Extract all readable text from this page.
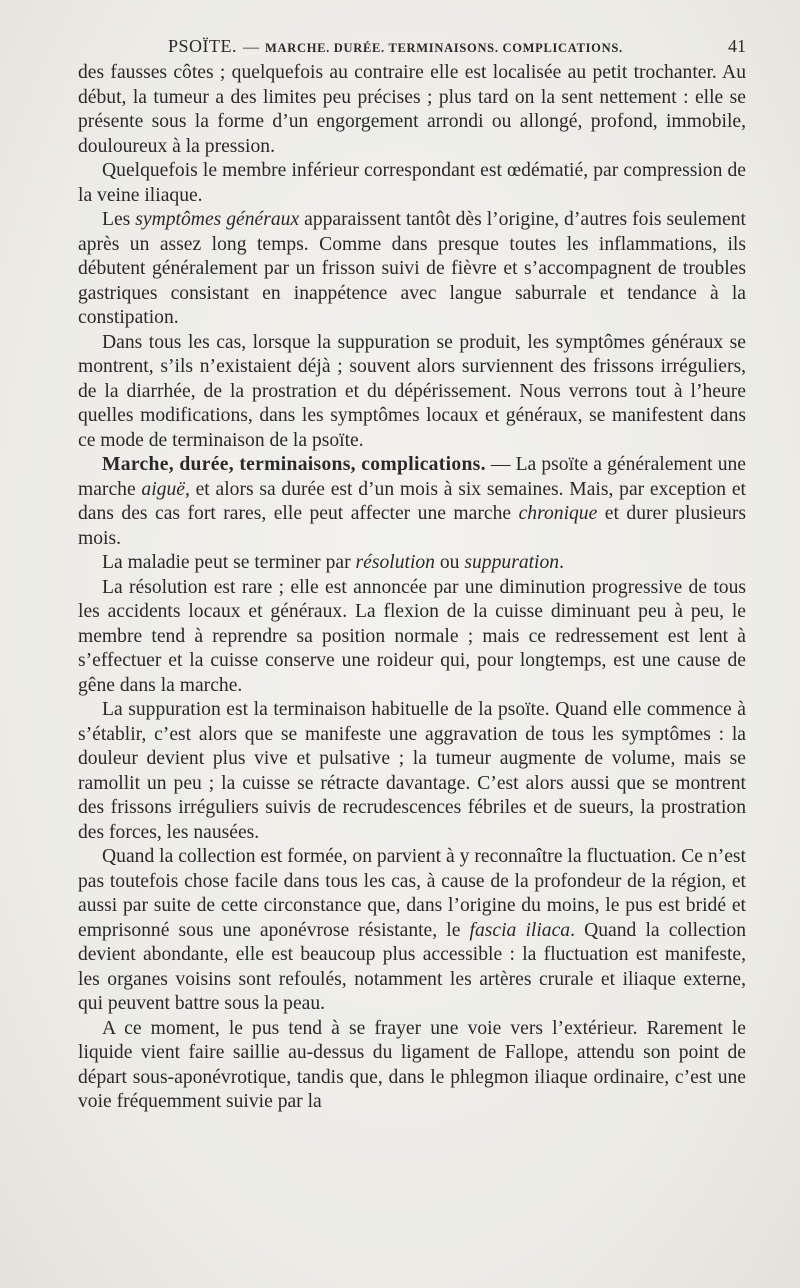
PSOÏTE. — MARCHE. DURÉE. TERMINAISONS. COMPLICATIONS.	41

des fausses côtes ; quelquefois au contraire elle est localisée au petit trochanter. Au début, la tumeur a des limites peu précises ; plus tard on la sent nettement : elle se présente sous la forme d’un engorgement arrondi ou allongé, profond, immobile, douloureux à la pression.

Quelquefois le membre inférieur correspondant est œdématié, par compression de la veine iliaque.

Les symptômes généraux apparaissent tantôt dès l’origine, d’autres fois seulement après un assez long temps. Comme dans presque toutes les inflammations, ils débutent généralement par un frisson suivi de fièvre et s’accompagnent de troubles gastriques consistant en inappétence avec langue saburrale et tendance à la constipation.

Dans tous les cas, lorsque la suppuration se produit, les symptômes généraux se montrent, s’ils n’existaient déjà ; souvent alors surviennent des frissons irréguliers, de la diarrhée, de la prostration et du dépérissement. Nous verrons tout à l’heure quelles modifications, dans les symptômes locaux et généraux, se manifestent dans ce mode de terminaison de la psoïte.

Marche, durée, terminaisons, complications. — La psoïte a généralement une marche aiguë, et alors sa durée est d’un mois à six semaines. Mais, par exception et dans des cas fort rares, elle peut affecter une marche chronique et durer plusieurs mois.

La maladie peut se terminer par résolution ou suppuration.

La résolution est rare ; elle est annoncée par une diminution progressive de tous les accidents locaux et généraux. La flexion de la cuisse diminuant peu à peu, le membre tend à reprendre sa position normale ; mais ce redressement est lent à s’effectuer et la cuisse conserve une roideur qui, pour longtemps, est une cause de gêne dans la marche.

La suppuration est la terminaison habituelle de la psoïte. Quand elle commence à s’établir, c’est alors que se manifeste une aggravation de tous les symptômes : la douleur devient plus vive et pulsative ; la tumeur augmente de volume, mais se ramollit un peu ; la cuisse se rétracte davantage. C’est alors aussi que se montrent des frissons irréguliers suivis de recrudescences fébriles et de sueurs, la prostration des forces, les nausées.

Quand la collection est formée, on parvient à y reconnaître la fluctuation. Ce n’est pas toutefois chose facile dans tous les cas, à cause de la profondeur de la région, et aussi par suite de cette circonstance que, dans l’origine du moins, le pus est bridé et emprisonné sous une aponévrose résistante, le fascia iliaca. Quand la collection devient abondante, elle est beaucoup plus accessible : la fluctuation est manifeste, les organes voisins sont refoulés, notamment les artères crurale et iliaque externe, qui peuvent battre sous la peau.

A ce moment, le pus tend à se frayer une voie vers l’extérieur. Rarement le liquide vient faire saillie au-dessus du ligament de Fallope, attendu son point de départ sous-aponévrotique, tandis que, dans le phlegmon iliaque ordinaire, c’est une voie fréquemment suivie par la
